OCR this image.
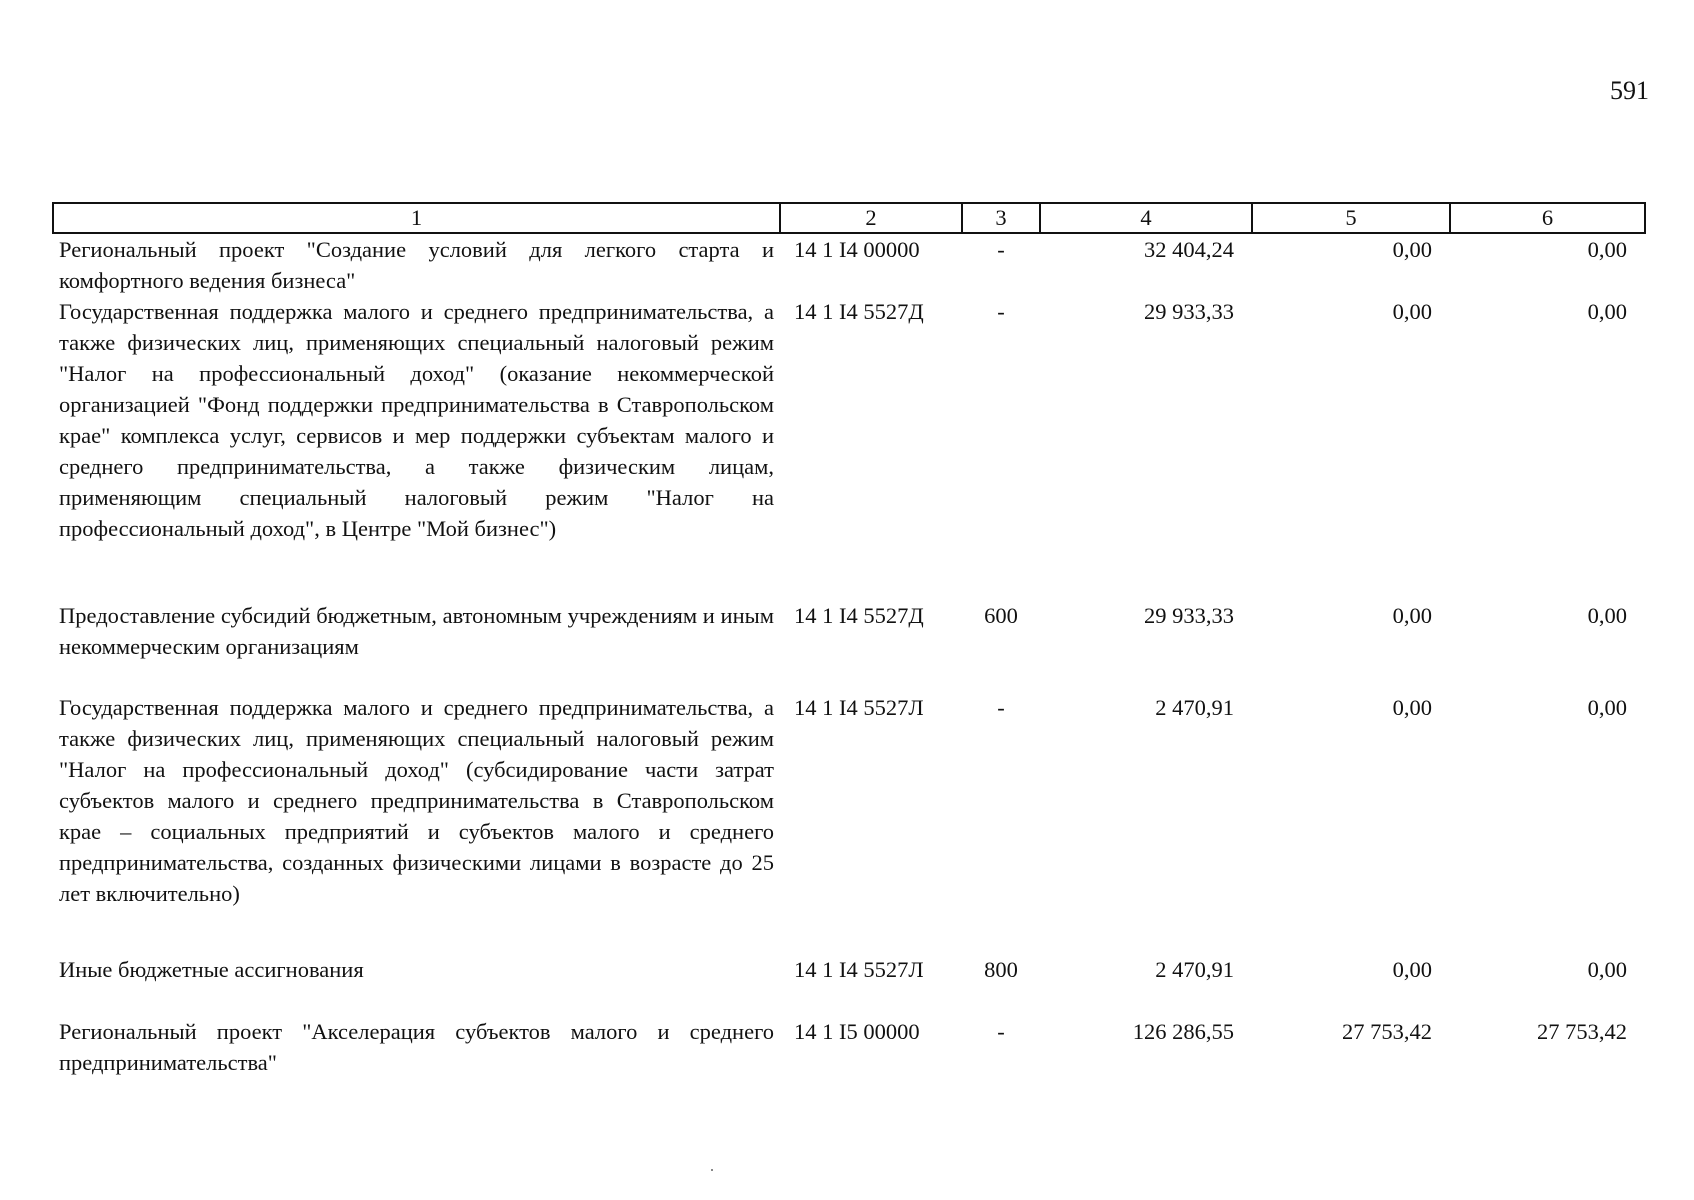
591
1	2	3	4	5	6
Региональный проект "Создание условий для легкого старта и комфортного ведения бизнеса"	14 1 I4 00000	-	32 404,24	0,00	0,00
Государственная поддержка малого и среднего предпринимательства, а также физических лиц, применяющих специальный налоговый режим "Налог на профессиональный доход" (оказание некоммерческой организацией "Фонд поддержки предпринимательства в Ставропольском крае" комплекса услуг, сервисов и мер поддержки субъектам малого и среднего предпринимательства, а также физическим лицам, применяющим специальный налоговый режим "Налог на профессиональный доход", в Центре "Мой бизнес")	14 1 I4 5527Д	-	29 933,33	0,00	0,00
Предоставление субсидий бюджетным, автономным учреждениям и иным некоммерческим организациям	14 1 I4 5527Д	600	29 933,33	0,00	0,00
Государственная поддержка малого и среднего предпринимательства, а также физических лиц, применяющих специальный налоговый режим "Налог на профессиональный доход" (субсидирование части затрат субъектов малого и среднего предпринимательства в Ставропольском крае – социальных предприятий и субъектов малого и среднего предпринимательства, созданных физическими лицами в возрасте до 25 лет включительно)	14 1 I4 5527Л	-	2 470,91	0,00	0,00
Иные бюджетные ассигнования	14 1 I4 5527Л	800	2 470,91	0,00	0,00
Региональный проект "Акселерация субъектов малого и среднего предпринимательства"	14 1 I5 00000	-	126 286,55	27 753,42	27 753,42
